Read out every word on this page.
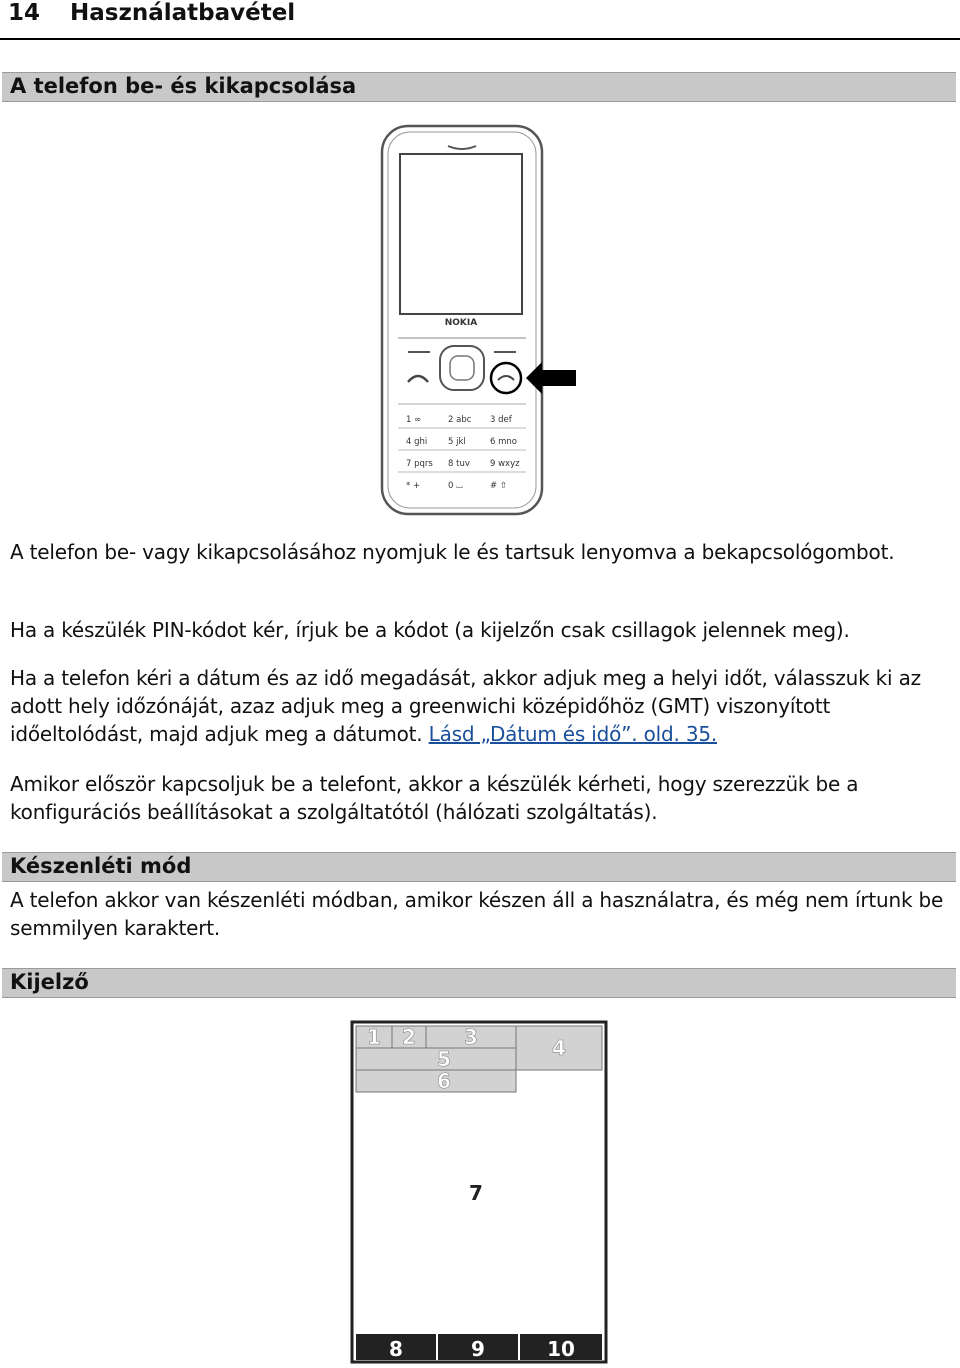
14 Használatbavétel
A telefon be- és kikapcsolása
NOKIA
1 ∞	2 abc 3 def
4 ghi 5 jkl	6 mno
7 pqrs 8 tuv 9 wxyz
* +	0 ⌴	# ⇧

A telefon be- vagy kikapcsolásához nyomjuk le és tartsuk lenyomva a bekapcsológombot.

Ha a készülék PIN-kódot kér, írjuk be a kódot (a kijelzőn csak csillagok jelennek meg).

Ha a telefon kéri a dátum és az idő megadását, akkor adjuk meg a helyi időt, válasszuk ki az adott hely időzónáját, azaz adjuk meg a greenwichi középidőhöz (GMT) viszonyított időeltolódást, majd adjuk meg a dátumot. Lásd „Dátum és idő”. old. 35.

Amikor először kapcsoljuk be a telefont, akkor a készülék kérheti, hogy szerezzük be a konfigurációs beállításokat a szolgáltatótól (hálózati szolgáltatás).

Készenléti mód

A telefon akkor van készenléti módban, amikor készen áll a használatra, és még nem írtunk be semmilyen karaktert.

Kijelző
1 2 3	4
5
6
7
8	9	10
